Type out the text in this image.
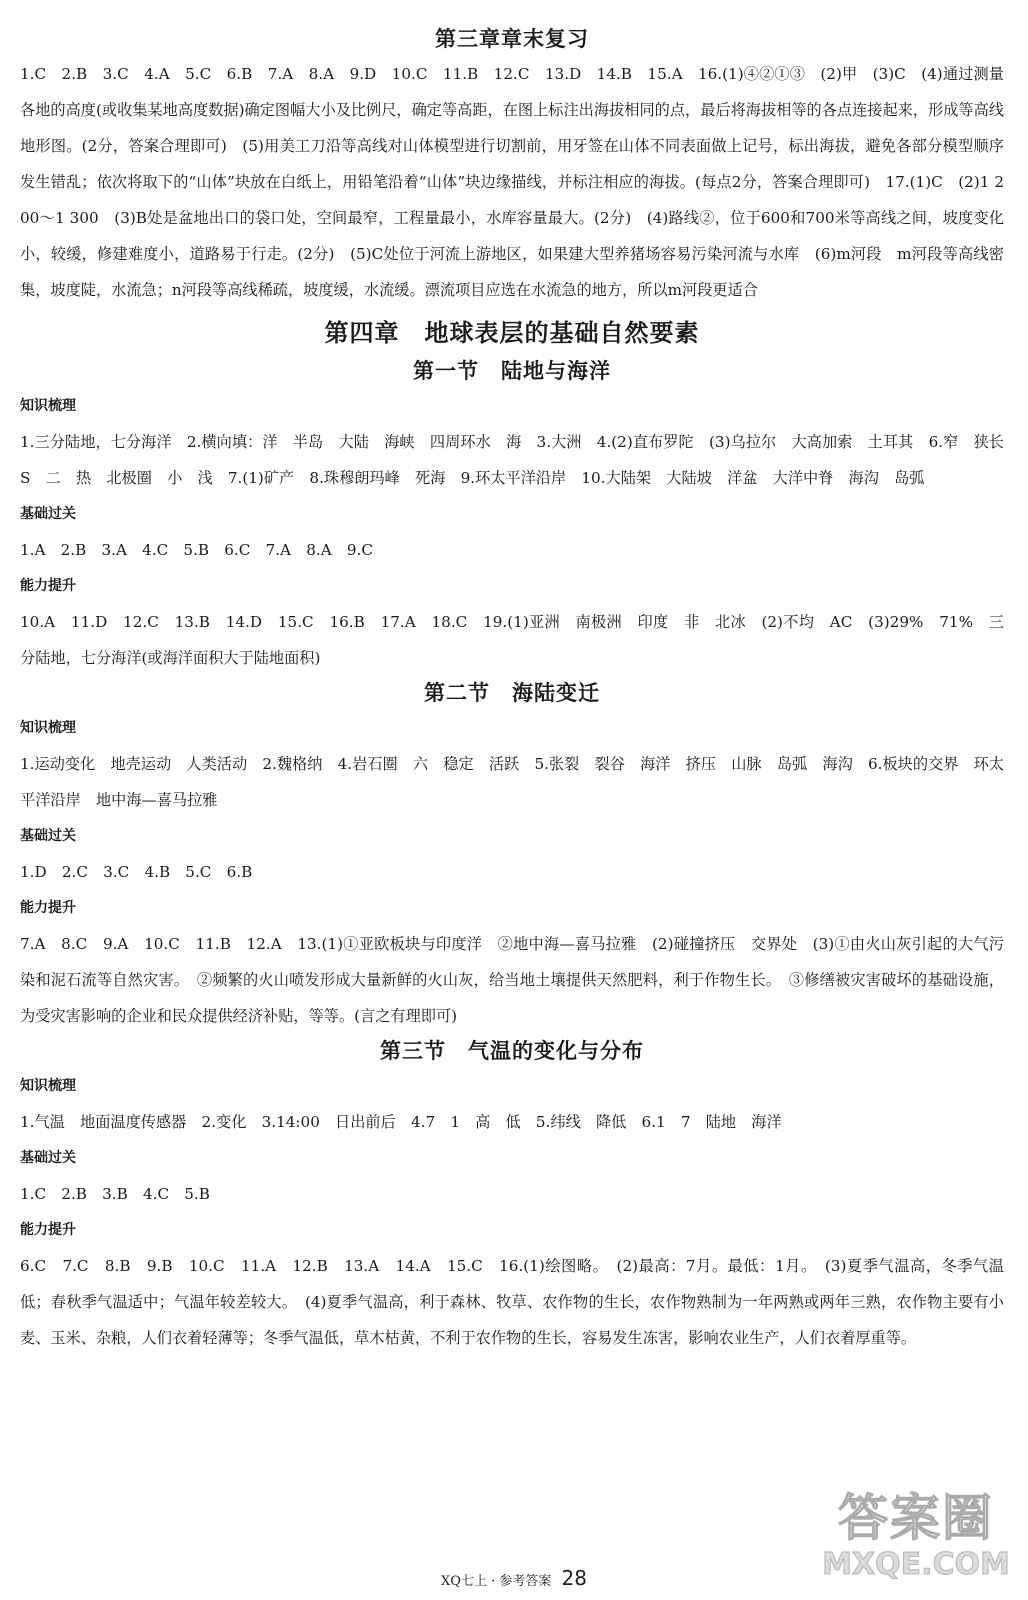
第三章章末复习

1.C　2.B　3.C　4.A　5.C　6.B　7.A　8.A　9.D　10.C　11.B　12.C　13.D　14.B　15.A　16.(1)④②①③　(2)甲　(3)C　(4)通过测量各地的高度(或收集某地高度数据)确定图幅大小及比例尺，确定等高距，在图上标注出海拔相同的点，最后将海拔相等的各点连接起来，形成等高线地形图。(2分，答案合理即可)　(5)用美工刀沿等高线对山体模型进行切割前，用牙签在山体不同表面做上记号，标出海拔，避免各部分模型顺序发生错乱；依次将取下的“山体”块放在白纸上，用铅笔沿着“山体”块边缘描线，并标注相应的海拔。(每点2分，答案合理即可)　17.(1)C　(2)1 200～1 300　(3)B处是盆地出口的袋口处，空间最窄，工程量最小，水库容量最大。(2分)　(4)路线②，位于600和700米等高线之间，坡度变化小，较缓，修建难度小，道路易于行走。(2分)　(5)C处位于河流上游地区，如果建大型养猪场容易污染河流与水库　(6)m河段　m河段等高线密集，坡度陡，水流急；n河段等高线稀疏，坡度缓，水流缓。漂流项目应选在水流急的地方，所以m河段更适合

第四章　地球表层的基础自然要素
第一节　陆地与海洋
知识梳理

1.三分陆地，七分海洋　2.横向填：洋　半岛　大陆　海峡　四周环水　海　3.大洲　4.(2)直布罗陀　(3)乌拉尔　大高加索　土耳其　6.窄　狭长　S　二　热　北极圈　小　浅　7.(1)矿产　8.珠穆朗玛峰　死海　9.环太平洋沿岸　10.大陆架　大陆坡　洋盆　大洋中脊　海沟　岛弧

基础过关

1.A　2.B　3.A　4.C　5.B　6.C　7.A　8.A　9.C

能力提升

10.A　11.D　12.C　13.B　14.D　15.C　16.B　17.A　18.C　19.(1)亚洲　南极洲　印度　非　北冰　(2)不均　AC　(3)29%　71%　三分陆地，七分海洋(或海洋面积大于陆地面积)

第二节　海陆变迁
知识梳理

1.运动变化　地壳运动　人类活动　2.魏格纳　4.岩石圈　六　稳定　活跃　5.张裂　裂谷　海洋　挤压　山脉　岛弧　海沟　6.板块的交界　环太平洋沿岸　地中海—喜马拉雅

基础过关

1.D　2.C　3.C　4.B　5.C　6.B

能力提升

7.A　8.C　9.A　10.C　11.B　12.A　13.(1)①亚欧板块与印度洋　②地中海—喜马拉雅　(2)碰撞挤压　交界处　(3)①由火山灰引起的大气污染和泥石流等自然灾害。　②频繁的火山喷发形成大量新鲜的火山灰，给当地土壤提供天然肥料，利于作物生长。　③修缮被灾害破坏的基础设施，为受灾害影响的企业和民众提供经济补贴，等等。(言之有理即可)

第三节　气温的变化与分布
知识梳理

1.气温　地面温度传感器　2.变化　3.14:00　日出前后　4.7　1　高　低　5.纬线　降低　6.1　7　陆地　海洋

基础过关

1.C　2.B　3.B　4.C　5.B

能力提升

6.C　7.C　8.B　9.B　10.C　11.A　12.B　13.A　14.A　15.C　16.(1)绘图略。　(2)最高：7月。最低：1月。　(3)夏季气温高，冬季气温低；春秋季气温适中；气温年较差较大。　(4)夏季气温高，利于森林、牧草、农作物的生长，农作物熟制为一年两熟或两年三熟，农作物主要有小麦、玉米、杂粮，人们衣着轻薄等；冬季气温低，草木枯黄，不利于农作物的生长，容易发生冻害，影响农业生产，人们衣着厚重等。

XQ七上 · 参考答案 28
答案圈
MXQE.COM
